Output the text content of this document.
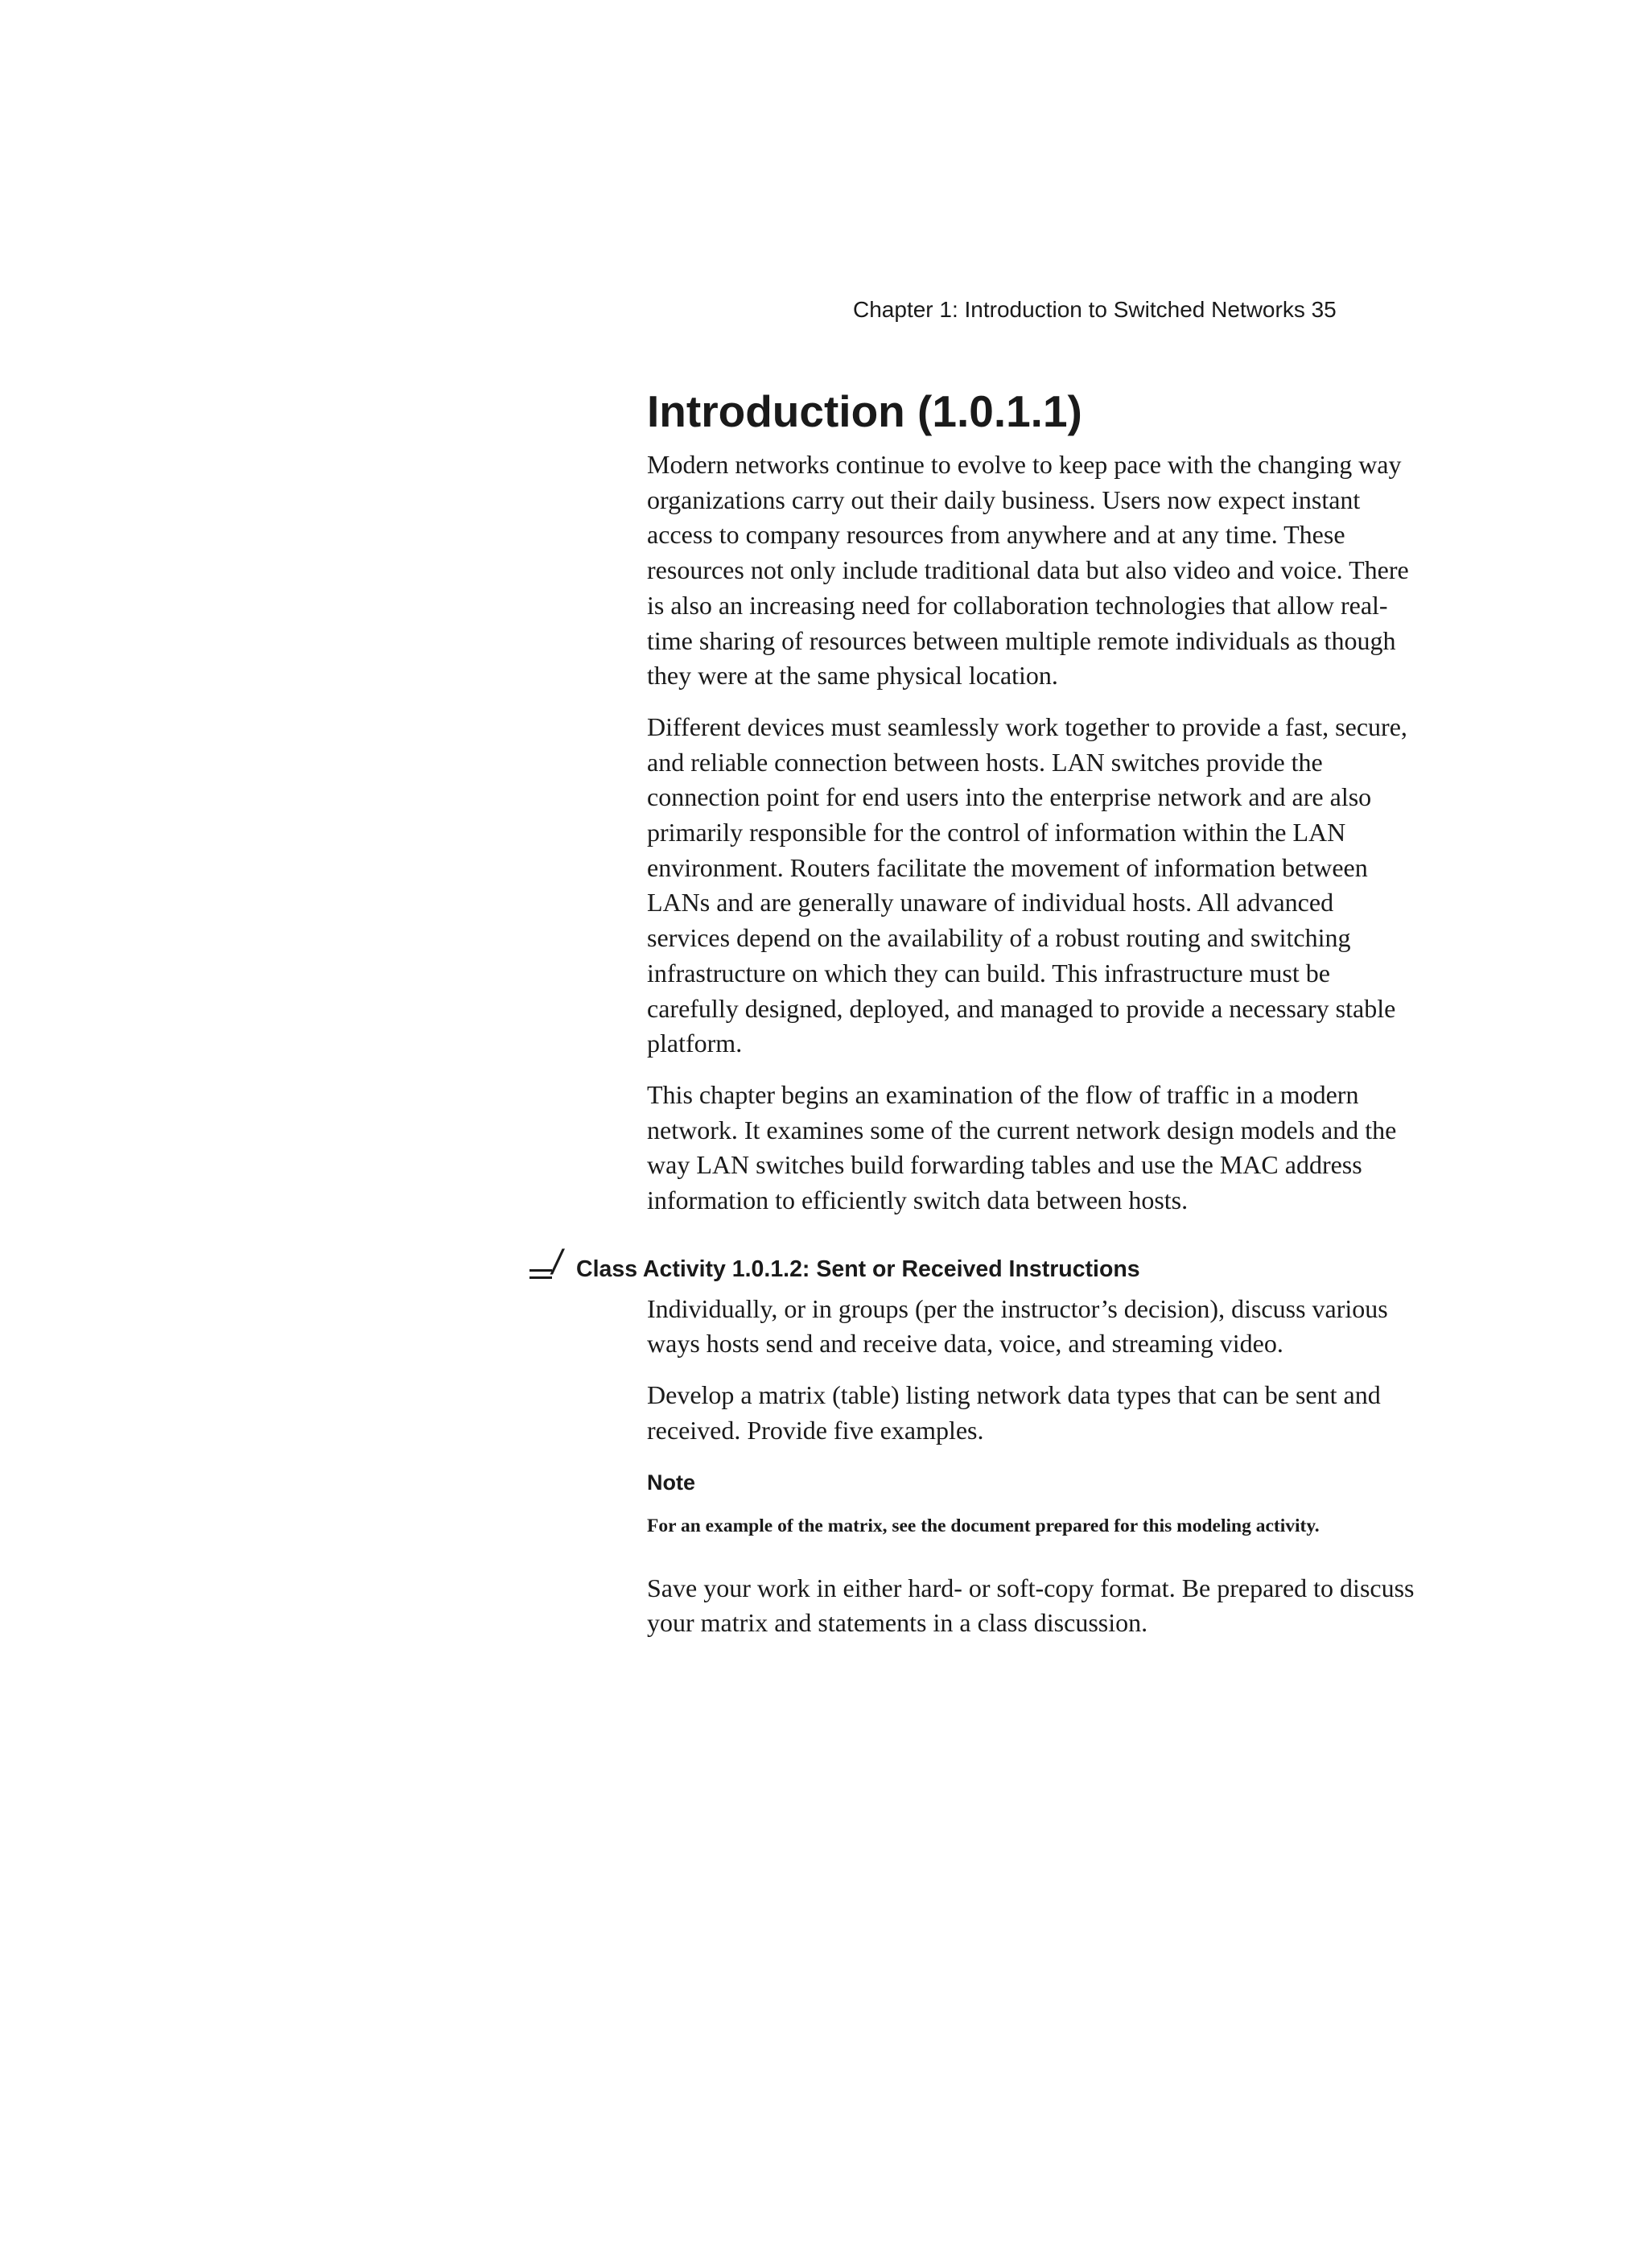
Chapter 1: Introduction to Switched Networks 35
Introduction (1.0.1.1)

Modern networks continue to evolve to keep pace with the changing way organizations carry out their daily business. Users now expect instant access to company resources from anywhere and at any time. These resources not only include traditional data but also video and voice. There is also an increasing need for collaboration technologies that allow real-time sharing of resources between multiple remote individuals as though they were at the same physical location.

Different devices must seamlessly work together to provide a fast, secure, and reliable connection between hosts. LAN switches provide the connection point for end users into the enterprise network and are also primarily responsible for the control of information within the LAN environment. Routers facilitate the movement of information between LANs and are generally unaware of individual hosts. All advanced services depend on the availability of a robust routing and switching infrastructure on which they can build. This infrastructure must be carefully designed, deployed, and managed to provide a necessary stable platform.

This chapter begins an examination of the flow of traffic in a modern network. It examines some of the current network design models and the way LAN switches build forwarding tables and use the MAC address information to efficiently switch data between hosts.

/ Class Activity 1.0.1.2: Sent or Received Instructions

Individually, or in groups (per the instructor’s decision), discuss various ways hosts send and receive data, voice, and streaming video.

Develop a matrix (table) listing network data types that can be sent and received. Provide five examples.

Note
For an example of the matrix, see the document prepared for this modeling activity.

Save your work in either hard- or soft-copy format. Be prepared to discuss your matrix and statements in a class discussion.
